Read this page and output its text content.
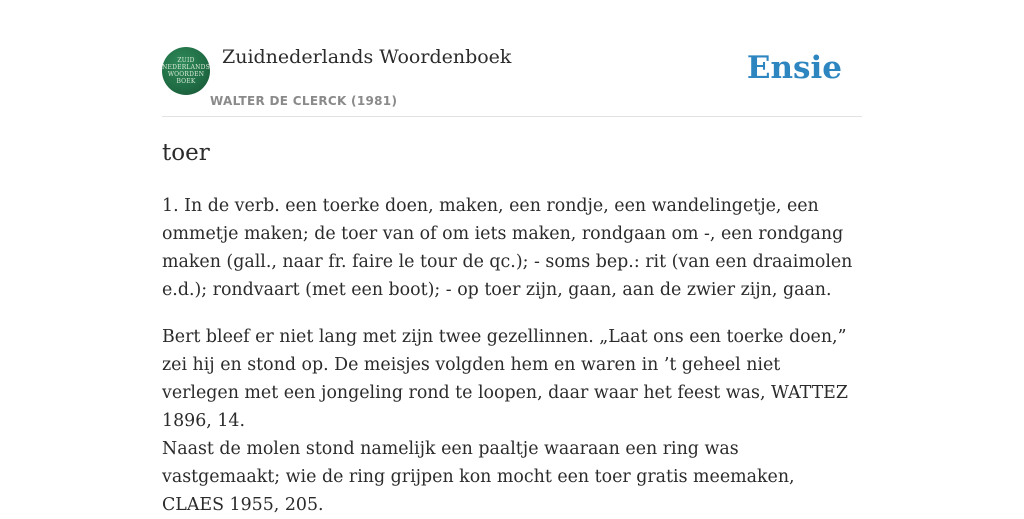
ZUID
NEDERLANDS
WOORDEN
BOEK
Zuidnederlands Woordenboek
WALTER DE CLERCK (1981)
Ensie
toer

1. In de verb. een toerke doen, maken, een rondje, een wandelingetje, een ommetje maken; de toer van of om iets maken, rondgaan om -, een rondgang maken (gall., naar fr. faire le tour de qc.); - soms bep.: rit (van een draaimolen e.d.); rondvaart (met een boot); - op toer zijn, gaan, aan de zwier zijn, gaan.

Bert bleef er niet lang met zijn twee gezellinnen. „Laat ons een toerke doen,” zei hij en stond op. De meisjes volgden hem en waren in ’t geheel niet verlegen met een jongeling rond te loopen, daar waar het feest was, WATTEZ 1896, 14.

Naast de molen stond namelijk een paaltje waaraan een ring was vastgemaakt; wie de ring grijpen kon mocht een toer gratis meemaken, CLAES 1955, 205.
